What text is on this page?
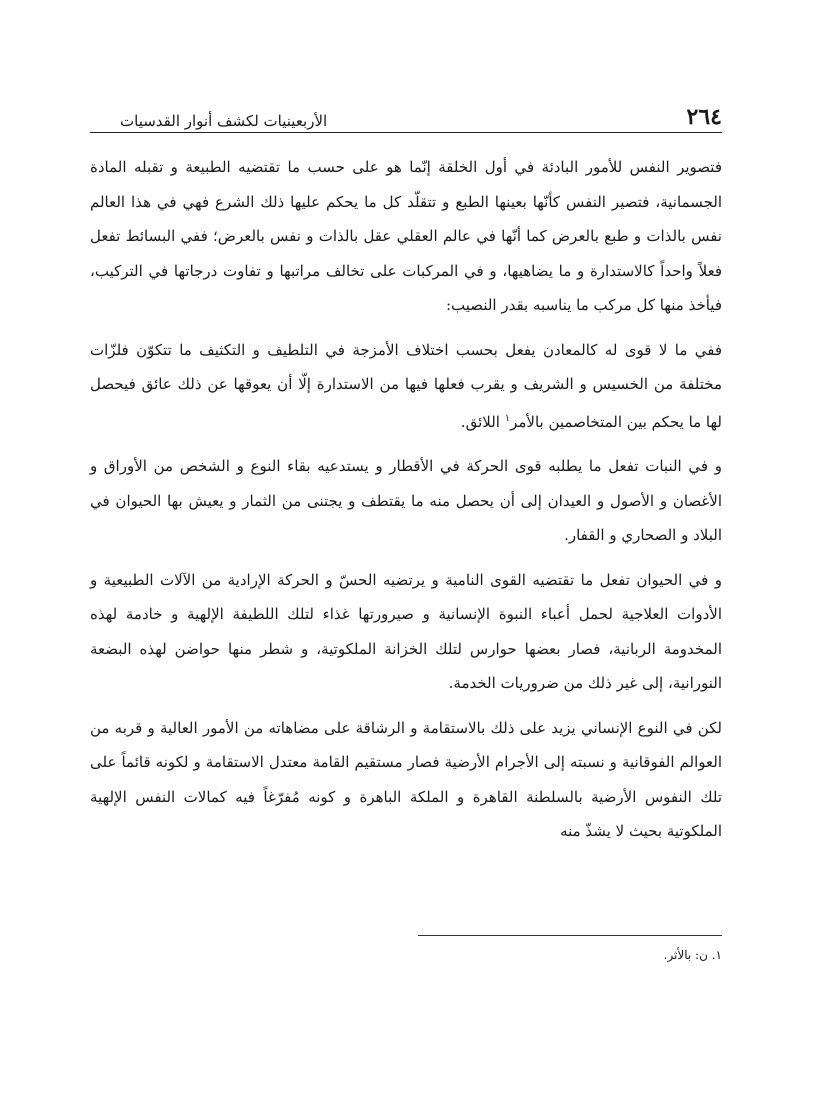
٢٦٤
الأربعينيات لكشف أنوار القدسيات

فتصوير النفس للأمور البادئة في أول الخلقة إنّما هو على حسب ما تقتضيه الطبيعة و تقبله المادة الجسمانية، فتصير النفس كأنّها بعينها الطبع و تتقلّد كل ما يحكم عليها ذلك الشرع فهي في هذا العالم نفس بالذات و طبع بالعرض كما أنّها في عالم العقلي عقل بالذات و نفس بالعرض؛ ففي البسائط تفعل فعلاً واحداً كالاستدارة و ما يضاهيها، و في المركبات على تخالف مراتبها و تفاوت درجاتها في التركيب، فيأخذ منها كل مركب ما يناسبه بقدر النصيب:

ففي ما لا قوى له كالمعادن يفعل بحسب اختلاف الأمزجة في التلطيف و التكثيف ما تتكوّن فلزّات مختلفة من الخسيس و الشريف و يقرب فعلها فيها من الاستدارة إلّا أن يعوقها عن ذلك عائق فيحصل لها ما يحكم بين المتخاصمين بالأمر$^١$ اللائق.

و في النبات تفعل ما يطلبه قوى الحركة في الأقطار و يستدعيه بقاء النوع و الشخص من الأوراق و الأغصان و الأصول و العيدان إلى أن يحصل منه ما يقتطف و يجتنى من الثمار و يعيش بها الحيوان في البلاد و الصحاري و القفار.

و في الحيوان تفعل ما تقتضيه القوى النامية و يرتضيه الحسّ و الحركة الإرادية من الآلات الطبيعية و الأدوات العلاجية لحمل أعباء النبوة الإنسانية و صيرورتها غذاء لتلك اللطيفة الإلهية و خادمة لهذه المخدومة الربانية، فصار بعضها حوارس لتلك الخزانة الملكوتية، و شطر منها حواضن لهذه البضعة النورانية، إلى غير ذلك من ضروريات الخدمة.

لكن في النوع الإنساني يزيد على ذلك بالاستقامة و الرشاقة على مضاهاته من الأمور العالية و قربه من العوالم الفوقانية و نسبته إلى الأجرام الأرضية فصار مستقيم القامة معتدل الاستقامة و لكونه قائماً على تلك النفوس الأرضية بالسلطنة القاهرة و الملكة الباهرة و كونه مُفرّغاً فيه كمالات النفس الإلهية الملكوتية بحيث لا يشذّ منه

١. ن: بالأثر.
